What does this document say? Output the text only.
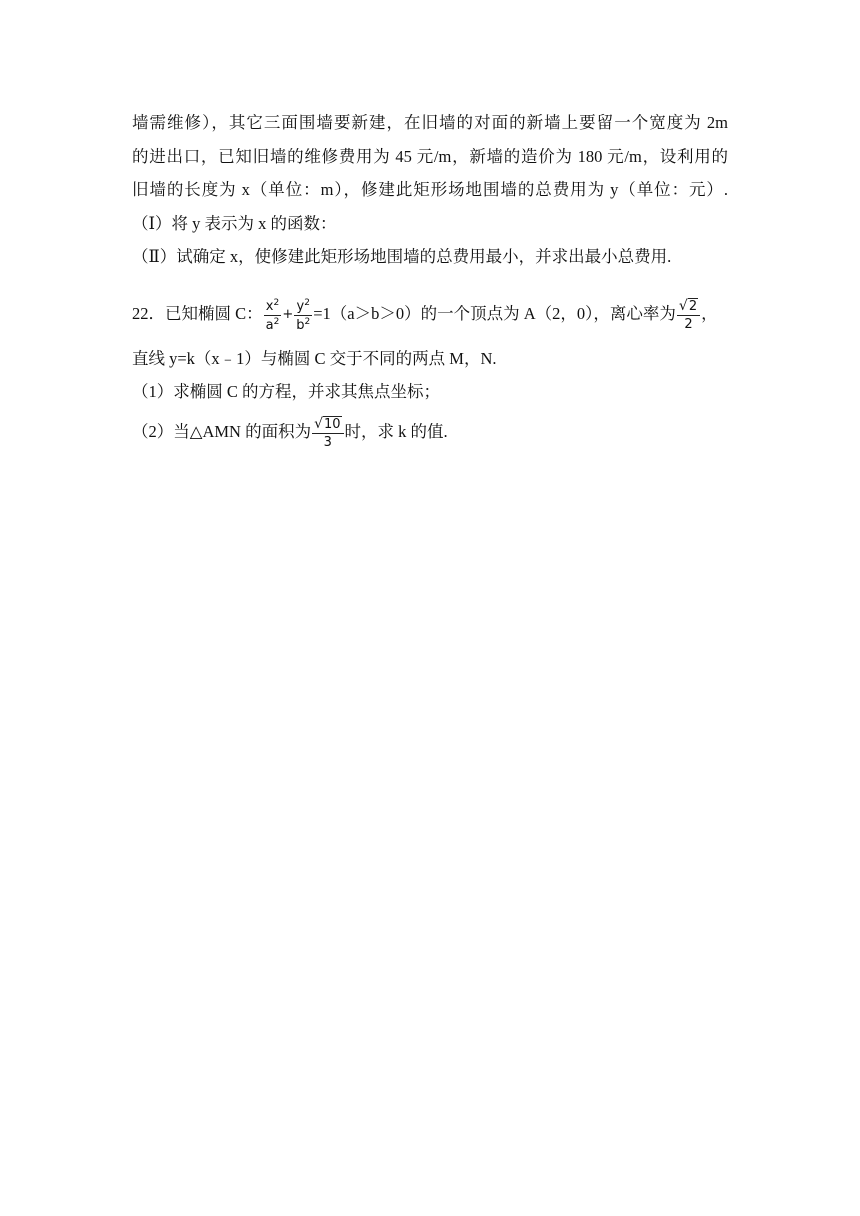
墙需维修），其它三面围墙要新建，在旧墙的对面的新墙上要留一个宽度为 2m
的进出口，已知旧墙的维修费用为 45 元/m，新墙的造价为 180 元/m，设利用的
旧墙的长度为 x（单位：m），修建此矩形场地围墙的总费用为 y（单位：元）.
（Ⅰ）将 y 表示为 x 的函数：
（Ⅱ）试确定 x，使修建此矩形场地围墙的总费用最小，并求出最小总费用.
22．已知椭圆 C： $\frac{x^2}{a^2} + \frac{y^2}{b^2} =1(a>b>0)$的一个顶点为 A（2，0），离心率为 $\frac{√2}{2}$ ，
直线 y=k（x﹣1）与椭圆 C 交于不同的两点 M，N.
（1）求椭圆 C 的方程，并求其焦点坐标；
（2）当△AMN 的面积为 $\frac{√10}{3}$ 时，求 k 的值.
